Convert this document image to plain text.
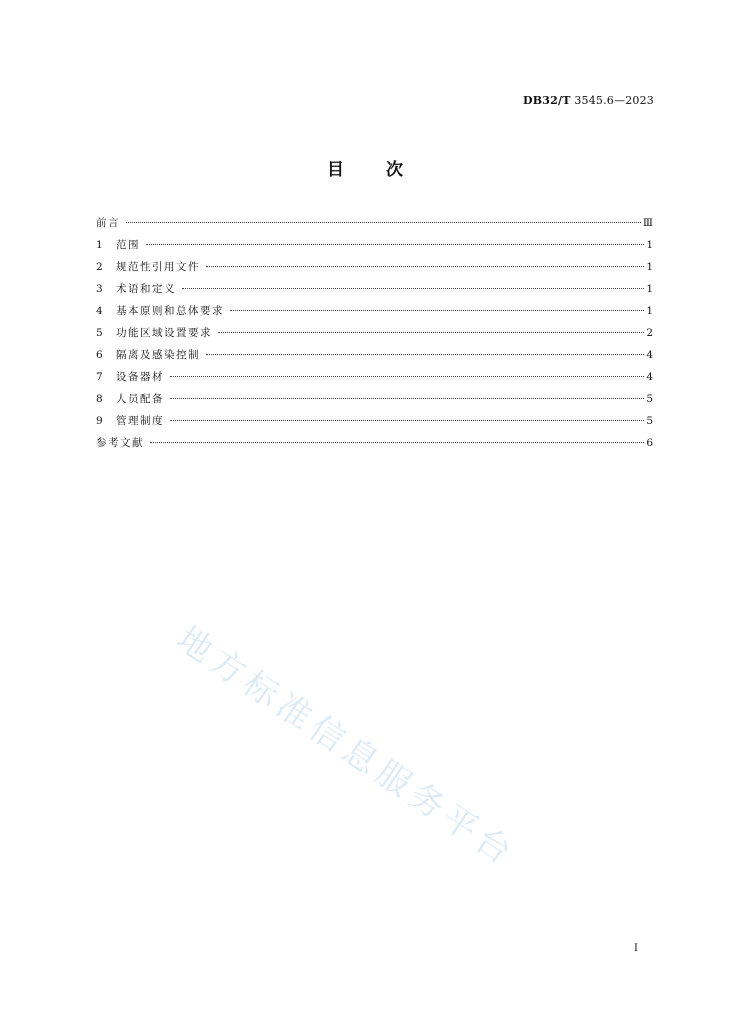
DB32/T 3545.6—2023
目 次
前言	Ⅲ
1	范围	1
2	规范性引用文件	1
3	术语和定义	1
4	基本原则和总体要求	1
5	功能区域设置要求	2
6	隔离及感染控制	4
7	设备器材	4
8	人员配备	5
9	管理制度	5
参考文献	6
地方标准信息服务平台
I
